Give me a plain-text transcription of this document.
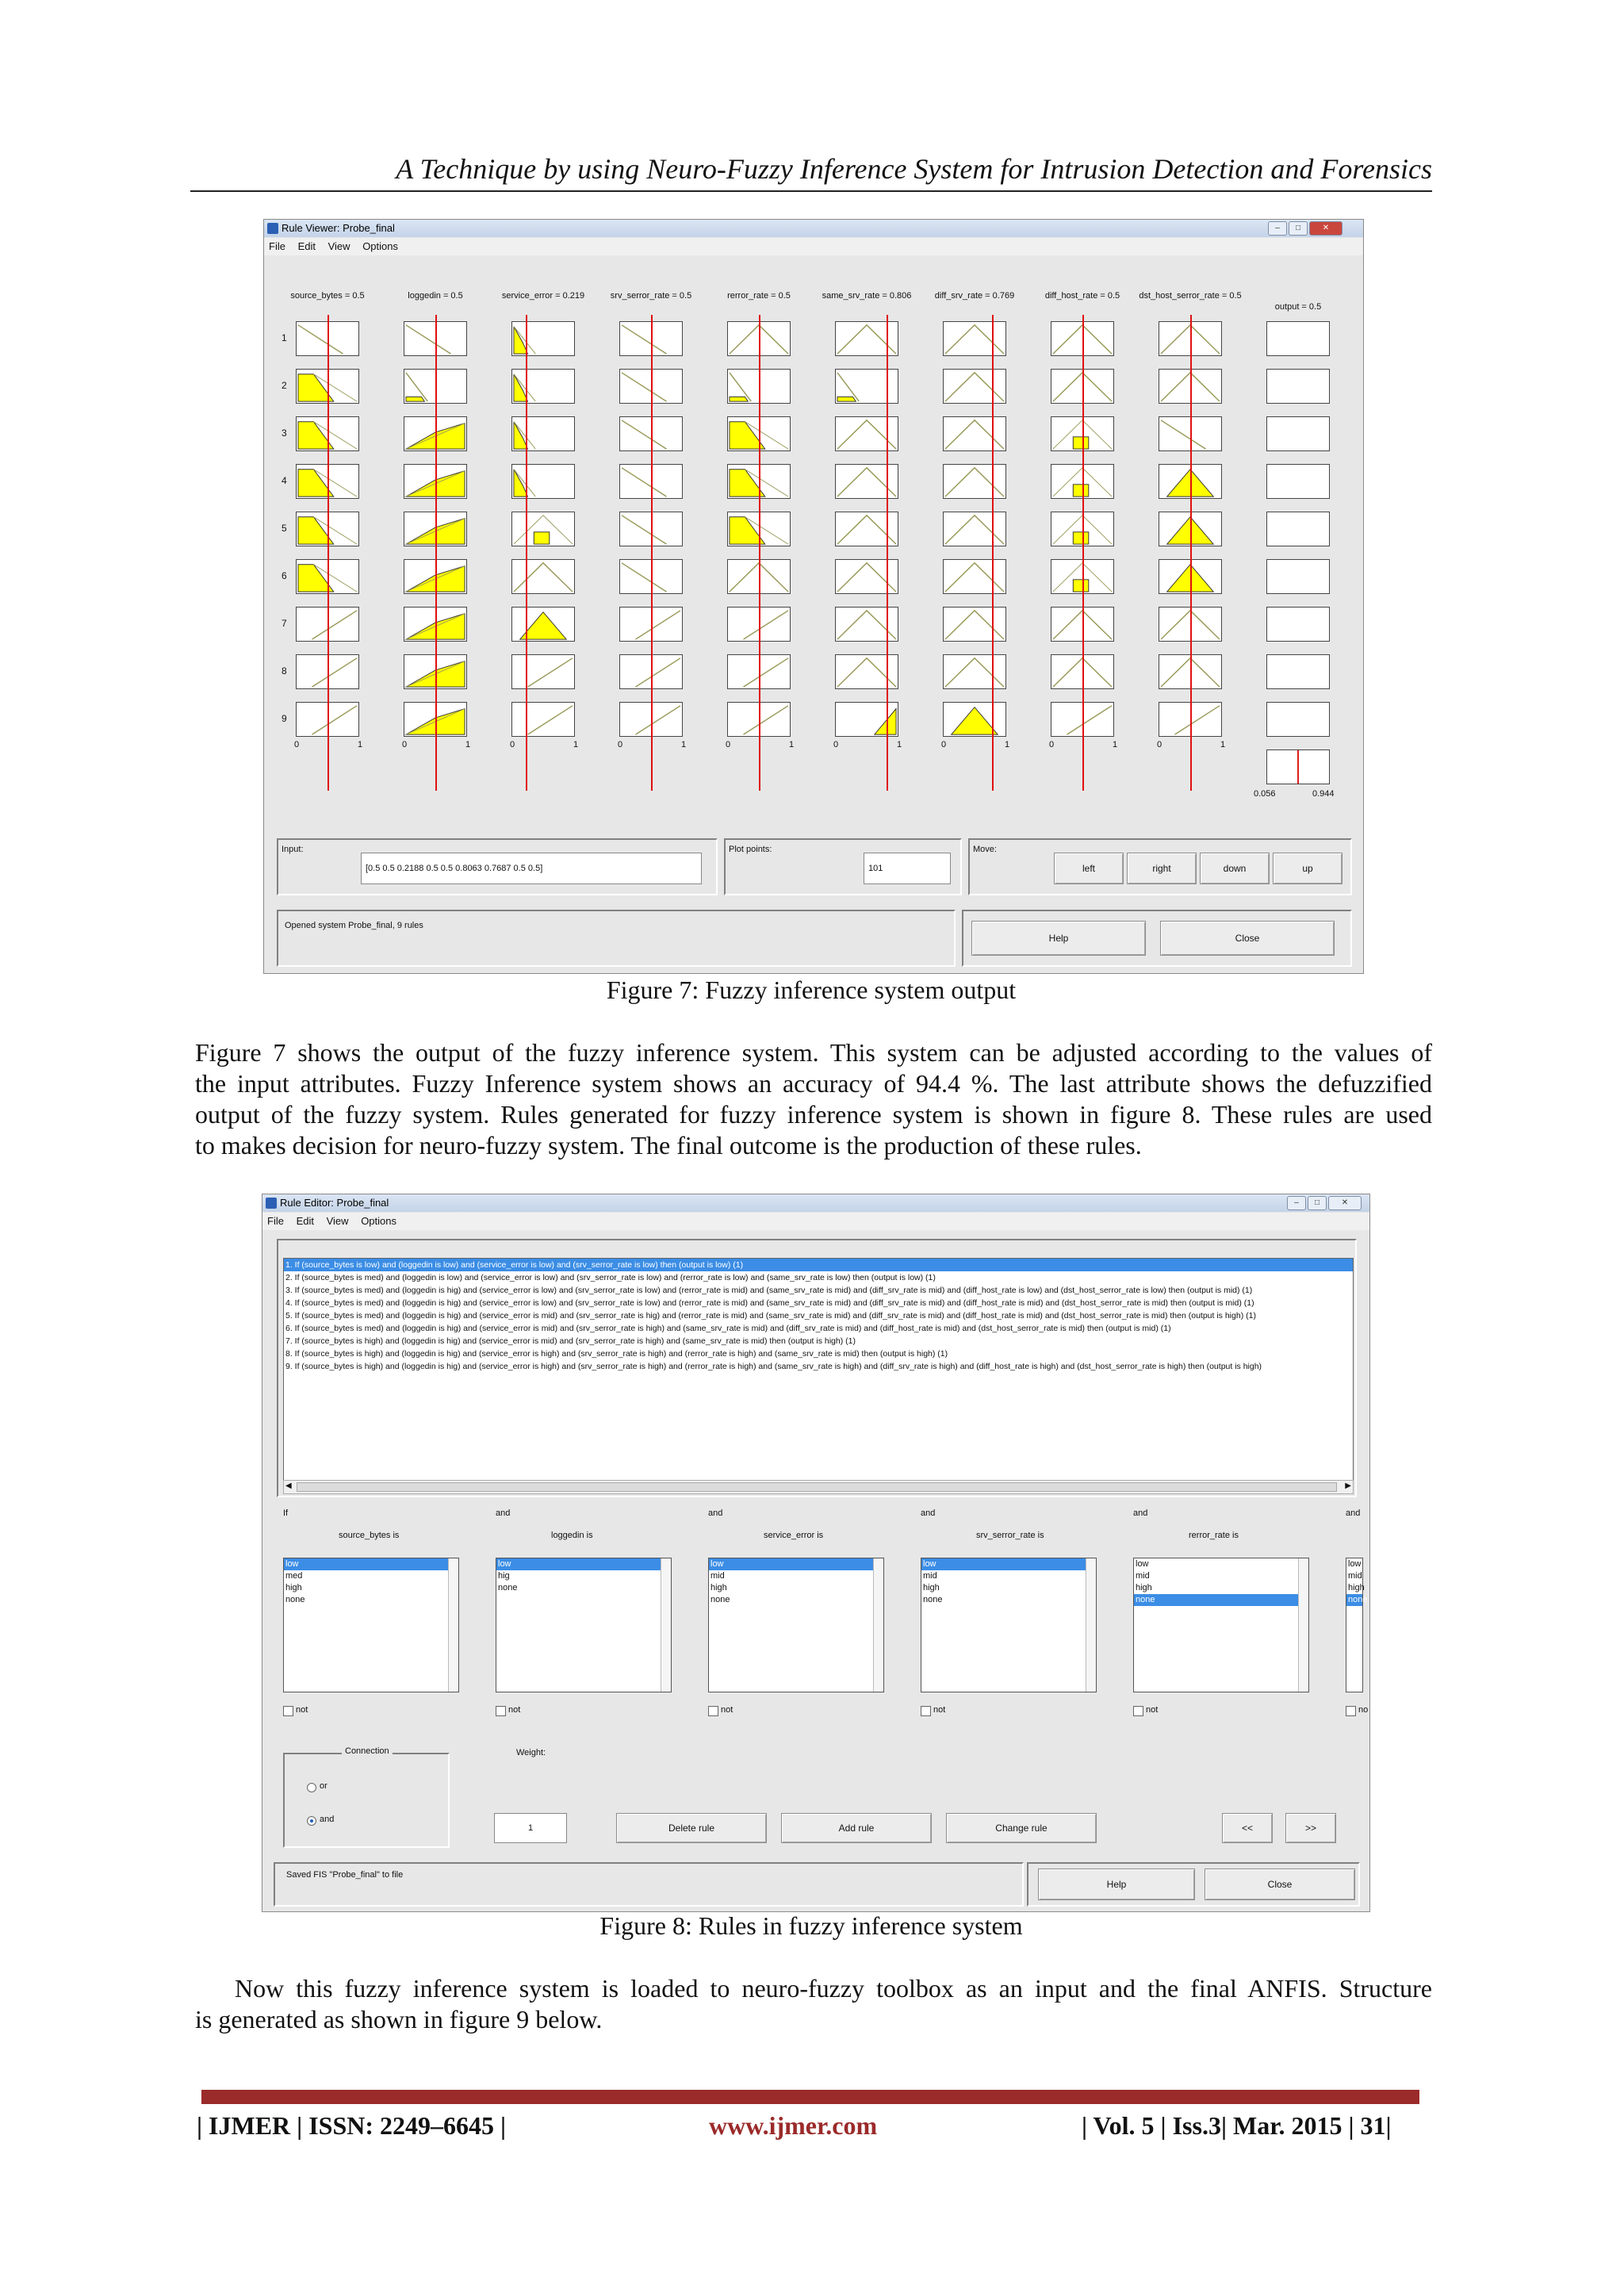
A Technique by using Neuro-Fuzzy Inference System for Intrusion Detection and Forensics
Rule Viewer: Probe_final	–	□	✕
File Edit View Options
source_bytes = 0.5	loggedin = 0.5	service_error = 0.219	srv_serror_rate = 0.5	rerror_rate = 0.5	same_srv_rate = 0.806	diff_srv_rate = 0.769	diff_host_rate = 0.5 dst_host_serror_rate = 0.5
output = 0.5
1
2
3
4
5
6
7
8
9
0	1	0	1	0	1	0	1	0	1	0	1	0	1	0	1	0	1
0.056	0.944
Input:
[0.5 0.5 0.2188 0.5 0.5 0.8063 0.7687 0.5 0.5]
Plot points:
101
Move:
left	right	down	up
Opened system Probe_final, 9 rules
Help	Close
Figure 7: Fuzzy inference system output
Figure 7 shows the output of the fuzzy inference system. This system can be adjusted according to the values of
the input attributes. Fuzzy Inference system shows an accuracy of 94.4 %. The last attribute shows the defuzzified
output of the fuzzy system. Rules generated for fuzzy inference system is shown in figure 8. These rules are used
to makes decision for neuro-fuzzy system. The final outcome is the production of these rules.
Rule Editor: Probe_final	–	□	✕
File Edit View Options
1. If (source_bytes is low) and (loggedin is low) and (service_error is low) and (srv_serror_rate is low) then (output is low) (1)
2. If (source_bytes is med) and (loggedin is low) and (service_error is low) and (srv_serror_rate is low) and (rerror_rate is low) and (same_srv_rate is low) then (output is low) (1)
3. If (source_bytes is med) and (loggedin is hig) and (service_error is low) and (srv_serror_rate is low) and (rerror_rate is mid) and (same_srv_rate is mid) and (diff_srv_rate is mid) and (diff_host_rate is low) and (dst_host_serror_rate is low) then (output is mid) (1)
4. If (source_bytes is med) and (loggedin is hig) and (service_error is low) and (srv_serror_rate is low) and (rerror_rate is mid) and (same_srv_rate is mid) and (diff_srv_rate is mid) and (diff_host_rate is mid) and (dst_host_serror_rate is mid) then (output is mid) (1)
5. If (source_bytes is med) and (loggedin is hig) and (service_error is mid) and (srv_serror_rate is hig) and (rerror_rate is mid) and (same_srv_rate is mid) and (diff_srv_rate is mid) and (diff_host_rate is mid) and (dst_host_serror_rate is mid) then (output is high) (1)
6. If (source_bytes is med) and (loggedin is hig) and (service_error is mid) and (srv_serror_rate is high) and (same_srv_rate is mid) and (diff_srv_rate is mid) and (diff_host_rate is mid) and (dst_host_serror_rate is mid) then (output is mid) (1)
7. If (source_bytes is high) and (loggedin is hig) and (service_error is mid) and (srv_serror_rate is high) and (same_srv_rate is mid) then (output is high) (1)
8. If (source_bytes is high) and (loggedin is hig) and (service_error is high) and (srv_serror_rate is high) and (rerror_rate is high) and (same_srv_rate is mid) then (output is high) (1)
9. If (source_bytes is high) and (loggedin is hig) and (service_error is high) and (srv_serror_rate is high) and (rerror_rate is high) and (same_srv_rate is high) and (diff_srv_rate is high) and (diff_host_rate is high) and (dst_host_serror_rate is high) then (output is high)
◀	▶
If
source_bytes is
low
med
high
none
not
and
loggedin is
low
hig
none
not
and
service_error is
low
mid
high
none
not
and
srv_serror_rate is
low
mid
high
none
not
and
rerror_rate is
low
mid
high
none
not
and
low
mid
high
none
no
Connection
or
and
Weight:
1	Delete rule	Add rule	Change rule	<<	>>
Saved FIS "Probe_final" to file
Help	Close
Figure 8: Rules in fuzzy inference system
Now this fuzzy inference system is loaded to neuro-fuzzy toolbox as an input and the final ANFIS. Structure
is generated as shown in figure 9 below.
| IJMER | ISSN: 2249–6645 |	www.ijmer.com	| Vol. 5 | Iss.3| Mar. 2015 | 31|
